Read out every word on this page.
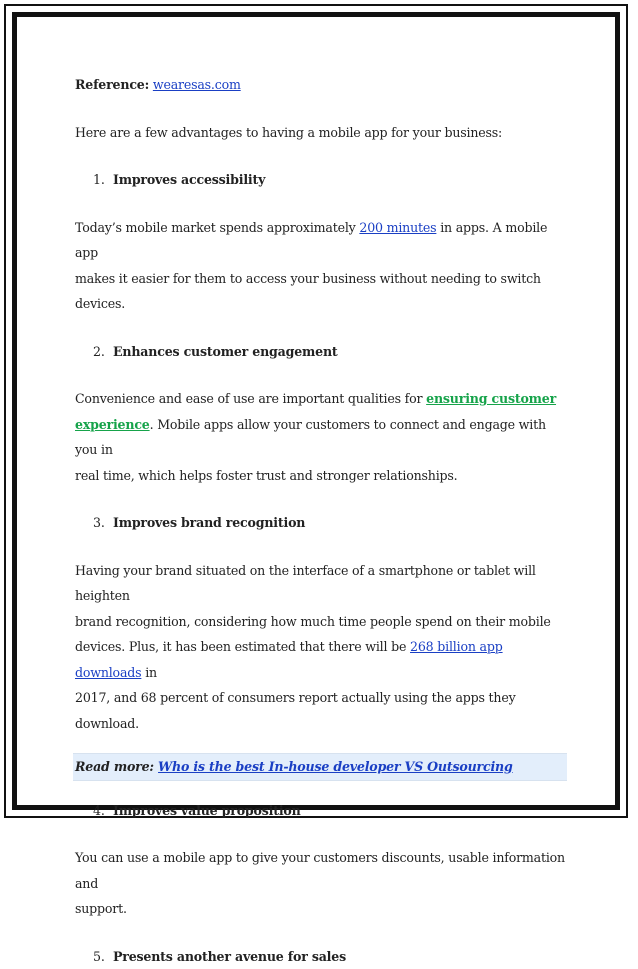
Reference: wearesas.com

Here are a few advantages to having a mobile app for your business:

1. Improves accessibility

Today’s mobile market spends approximately 200 minutes in apps. A mobile app
makes it easier for them to access your business without needing to switch devices.

2. Enhances customer engagement

Convenience and ease of use are important qualities for ensuring customer
experience. Mobile apps allow your customers to connect and engage with you in
real time, which helps foster trust and stronger relationships.

3. Improves brand recognition

Having your brand situated on the interface of a smartphone or tablet will heighten
brand recognition, considering how much time people spend on their mobile
devices. Plus, it has been estimated that there will be 268 billion app downloads in
2017, and 68 percent of consumers report actually using the apps they download.

Read more: Who is the best In-house developer VS Outsourcing

4. Improves value proposition

You can use a mobile app to give your customers discounts, usable information and
support.

5. Presents another avenue for sales
